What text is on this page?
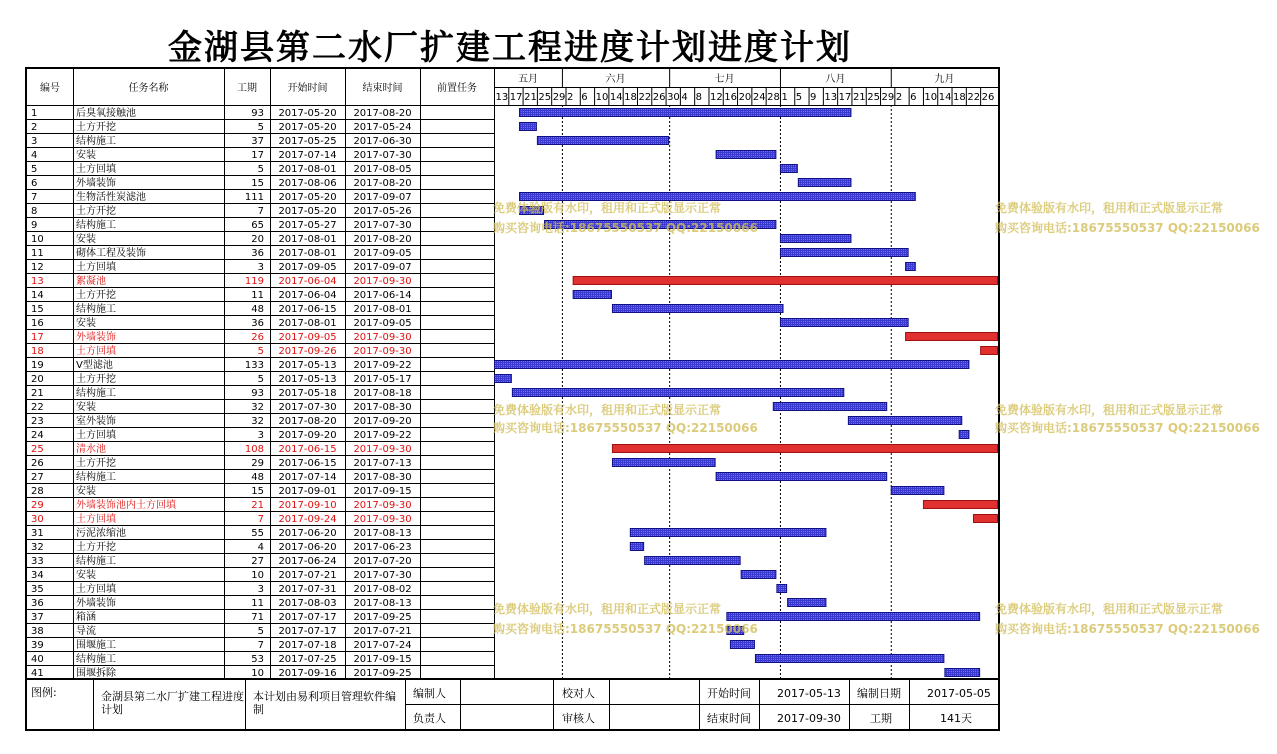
金湖县第二水厂扩建工程进度计划进度计划
编号	任务名称	工期	开始时间	结束时间	前置任务
五月	六月	七月	八月	九月
13 17 21 25 29 2 6 10 14 18 22 26 30 4 8 12 16 20 24 28 1 5 9 13 17 21 25 29 2 6 10 14 18 22 26
1	后臭氧接触池	93 2017-05-20 2017-08-20
2	土方开挖	5 2017-05-20 2017-05-24
3	结构施工	37 2017-05-25 2017-06-30
4	安装	17 2017-07-14 2017-07-30
5	土方回填	5 2017-08-01 2017-08-05
6	外墙装饰	15 2017-08-06 2017-08-20
7	生物活性炭滤池	111 2017-05-20 2017-09-07
8	土方开挖	7 2017-05-20 2017-05-26
9	结构施工	65 2017-05-27 2017-07-30
10	安装	20 2017-08-01 2017-08-20
11	砌体工程及装饰	36 2017-08-01 2017-09-05
12	土方回填	3 2017-09-05 2017-09-07
13	絮凝池	119 2017-06-04 2017-09-30
14	土方开挖	11 2017-06-04 2017-06-14
15	结构施工	48 2017-06-15 2017-08-01
16	安装	36 2017-08-01 2017-09-05
17	外墙装饰	26 2017-09-05 2017-09-30
18	土方回填	5 2017-09-26 2017-09-30
19	V型滤池	133 2017-05-13 2017-09-22
20	土方开挖	5 2017-05-13 2017-05-17
21	结构施工	93 2017-05-18 2017-08-18
22	安装	32 2017-07-30 2017-08-30
23	室外装饰	32 2017-08-20 2017-09-20
24	土方回填	3 2017-09-20 2017-09-22
25	清水池	108 2017-06-15 2017-09-30
26	土方开挖	29 2017-06-15 2017-07-13
27	结构施工	48 2017-07-14 2017-08-30
28	安装	15 2017-09-01 2017-09-15
29	外墙装饰池内土方回填	21 2017-09-10 2017-09-30
30	土方回填	7 2017-09-24 2017-09-30
31	污泥浓缩池	55 2017-06-20 2017-08-13
32	土方开挖	4 2017-06-20 2017-06-23
33	结构施工	27 2017-06-24 2017-07-20
34	安装	10 2017-07-21 2017-07-30
35	土方回填	3 2017-07-31 2017-08-02
36	外墙装饰	11 2017-08-03 2017-08-13
37	箱涵	71 2017-07-17 2017-09-25
38	导流	5 2017-07-17 2017-07-21
39	围堰施工	7 2017-07-18 2017-07-24
40	结构施工	53 2017-07-25 2017-09-15
41	围堰拆除	10 2017-09-16 2017-09-25
图例:	金湖县第二水厂扩建工程进度计划
本计划由易利项目管理软件编制
编制人
负责人
校对人
审核人
开始时间 2017-05-13
结束时间 2017-09-30
编制日期 2017-05-05
工期	141天
免费体验版有水印，租用和正式版显示正常
购买咨询电话:18675550537 QQ:22150066
免费体验版有水印，租用和正式版显示正常
购买咨询电话:18675550537 QQ:22150066
免费体验版有水印，租用和正式版显示正常
购买咨询电话:18675550537 QQ:22150066
免费体验版有水印，租用和正式版显示正常
购买咨询电话:18675550537 QQ:22150066
免费体验版有水印，租用和正式版显示正常
购买咨询电话:18675550537 QQ:22150066
免费体验版有水印，租用和正式版显示正常
购买咨询电话:18675550537 QQ:22150066
